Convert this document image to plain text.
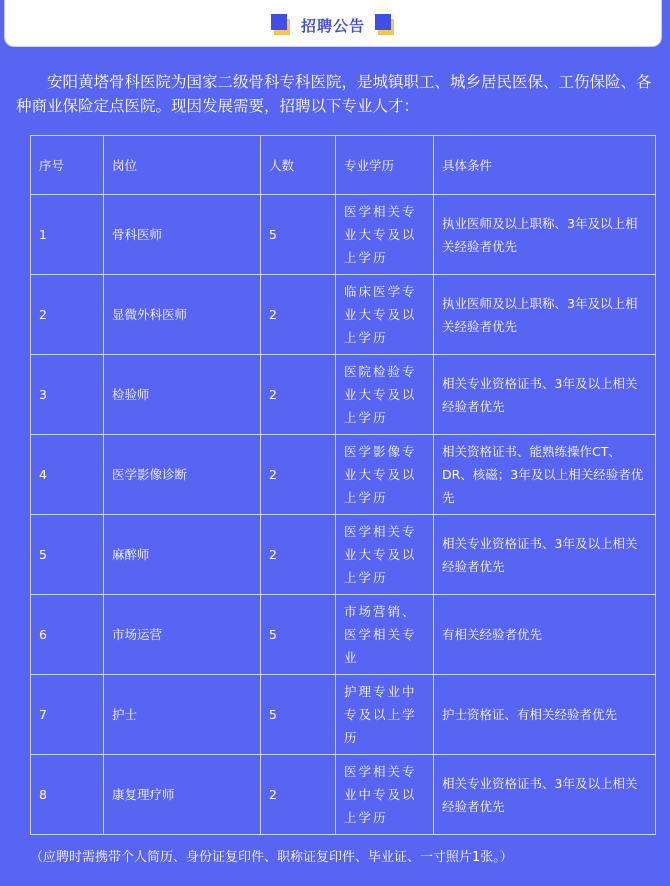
招聘公告

安阳黄塔骨科医院为国家二级骨科专科医院，是城镇职工、城乡居民医保、工伤保险、各种商业保险定点医院。现因发展需要，招聘以下专业人才：

序号	岗位	人数	专业学历	具体条件
1	骨科医师	5	医学相关专业大专及以上学历	执业医师及以上职称、3年及以上相关经验者优先
2	显微外科医师	2	临床医学专业大专及以上学历	执业医师及以上职称、3年及以上相关经验者优先
3	检验师	2	医院检验专业大专及以上学历	相关专业资格证书、3年及以上相关经验者优先
4	医学影像诊断	2	医学影像专业大专及以上学历	相关资格证书、能熟练操作CT、DR、核磁；3年及以上相关经验者优先
5	麻醉师	2	医学相关专业大专及以上学历	相关专业资格证书、3年及以上相关经验者优先
6	市场运营	5	市场营销、医学相关专业	有相关经验者优先
7	护士	5	护理专业中专及以上学历	护士资格证、有相关经验者优先
8	康复理疗师	2	医学相关专业中专及以上学历	相关专业资格证书、3年及以上相关经验者优先

（应聘时需携带个人简历、身份证复印件、职称证复印件、毕业证、一寸照片1张。）
